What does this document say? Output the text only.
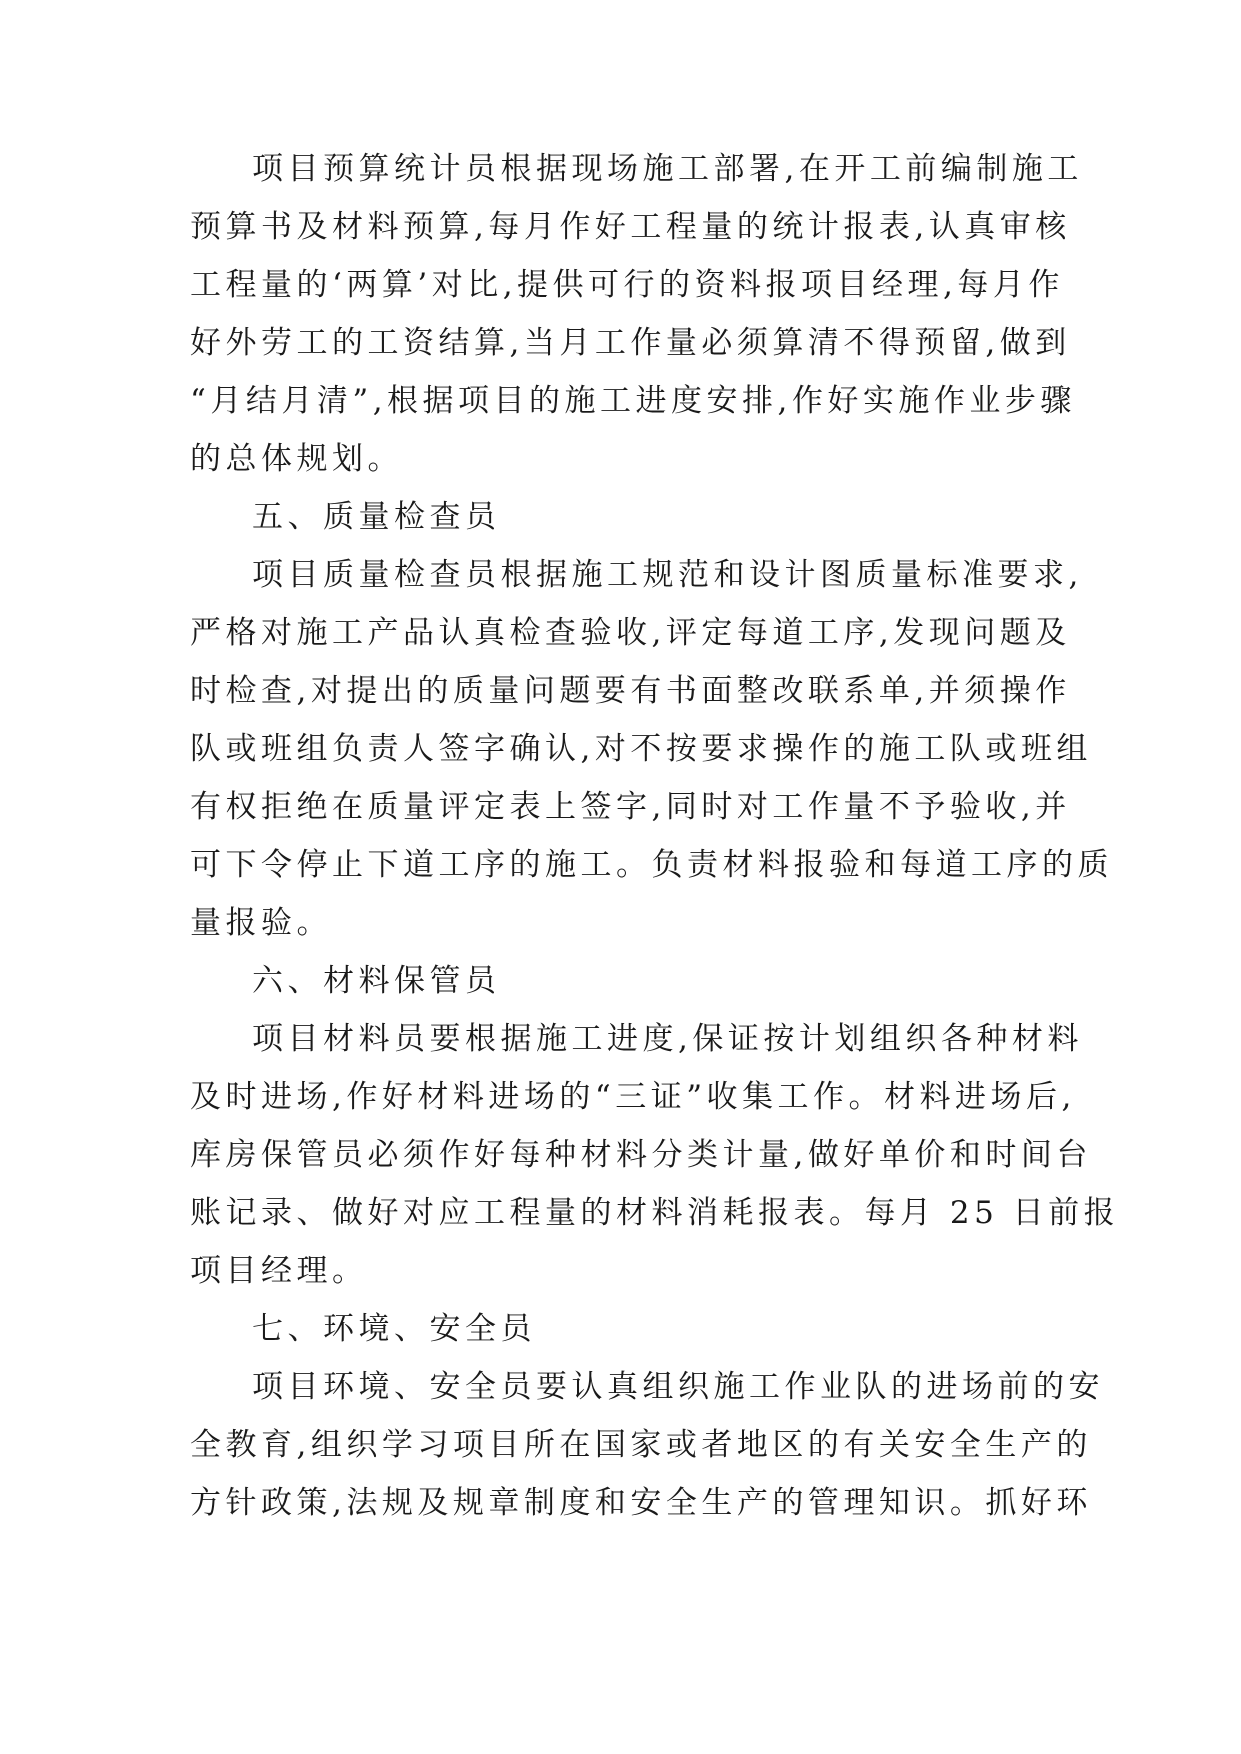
项目预算统计员根据现场施工部署,在开工前编制施工
预算书及材料预算,每月作好工程量的统计报表,认真审核
工程量的‘两算’对比,提供可行的资料报项目经理,每月作
好外劳工的工资结算,当月工作量必须算清不得预留,做到
“月结月清”,根据项目的施工进度安排,作好实施作业步骤
的总体规划。
五、质量检查员
项目质量检查员根据施工规范和设计图质量标准要求,
严格对施工产品认真检查验收,评定每道工序,发现问题及
时检查,对提出的质量问题要有书面整改联系单,并须操作
队或班组负责人签字确认,对不按要求操作的施工队或班组
有权拒绝在质量评定表上签字,同时对工作量不予验收,并
可下令停止下道工序的施工。负责材料报验和每道工序的质
量报验。
六、材料保管员
项目材料员要根据施工进度,保证按计划组织各种材料
及时进场,作好材料进场的“三证”收集工作。材料进场后,
库房保管员必须作好每种材料分类计量,做好单价和时间台
账记录、做好对应工程量的材料消耗报表。每月 25 日前报
项目经理。
七、环境、安全员
项目环境、安全员要认真组织施工作业队的进场前的安
全教育,组织学习项目所在国家或者地区的有关安全生产的
方针政策,法规及规章制度和安全生产的管理知识。抓好环
